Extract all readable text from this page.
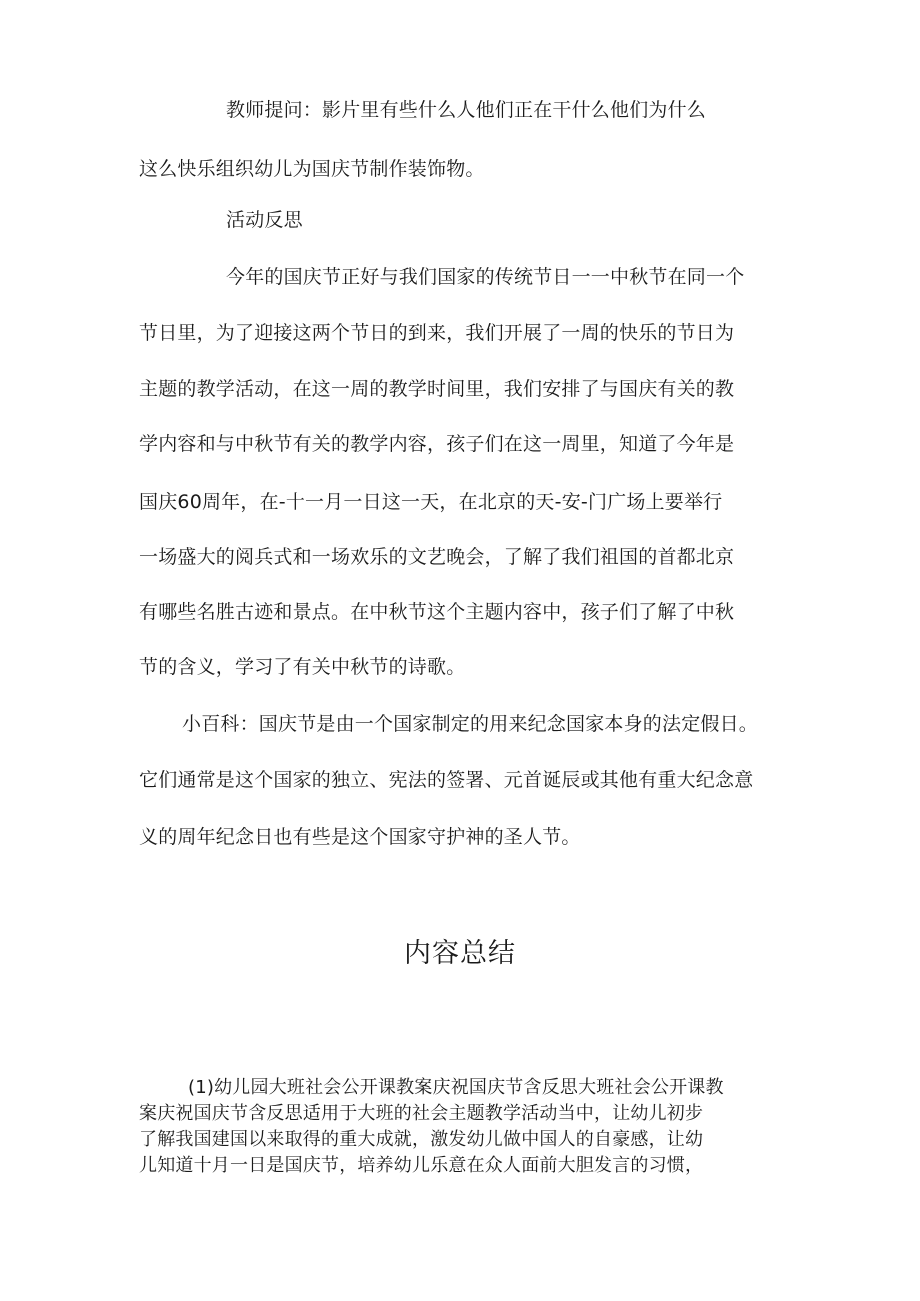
教师提问：影片里有些什么人他们正在干什么他们为什么
这么快乐组织幼儿为国庆节制作装饰物。
活动反思
今年的国庆节正好与我们国家的传统节日一一中秋节在同一个
节日里，为了迎接这两个节日的到来，我们开展了一周的快乐的节日为
主题的教学活动，在这一周的教学时间里，我们安排了与国庆有关的教
学内容和与中秋节有关的教学内容，孩子们在这一周里，知道了今年是
国庆60周年，在-十一月一日这一天，在北京的天-安-门广场上要举行
一场盛大的阅兵式和一场欢乐的文艺晚会，了解了我们祖国的首都北京
有哪些名胜古迹和景点。在中秋节这个主题内容中，孩子们了解了中秋
节的含义，学习了有关中秋节的诗歌。
小百科：国庆节是由一个国家制定的用来纪念国家本身的法定假日。
它们通常是这个国家的独立、宪法的签署、元首诞辰或其他有重大纪念意
义的周年纪念日也有些是这个国家守护神的圣人节。
内容总结
(1)幼儿园大班社会公开课教案庆祝国庆节含反思大班社会公开课教
案庆祝国庆节含反思适用于大班的社会主题教学活动当中，让幼儿初步
了解我国建国以来取得的重大成就，激发幼儿做中国人的自豪感，让幼
儿知道十月一日是国庆节，培养幼儿乐意在众人面前大胆发言的习惯，
